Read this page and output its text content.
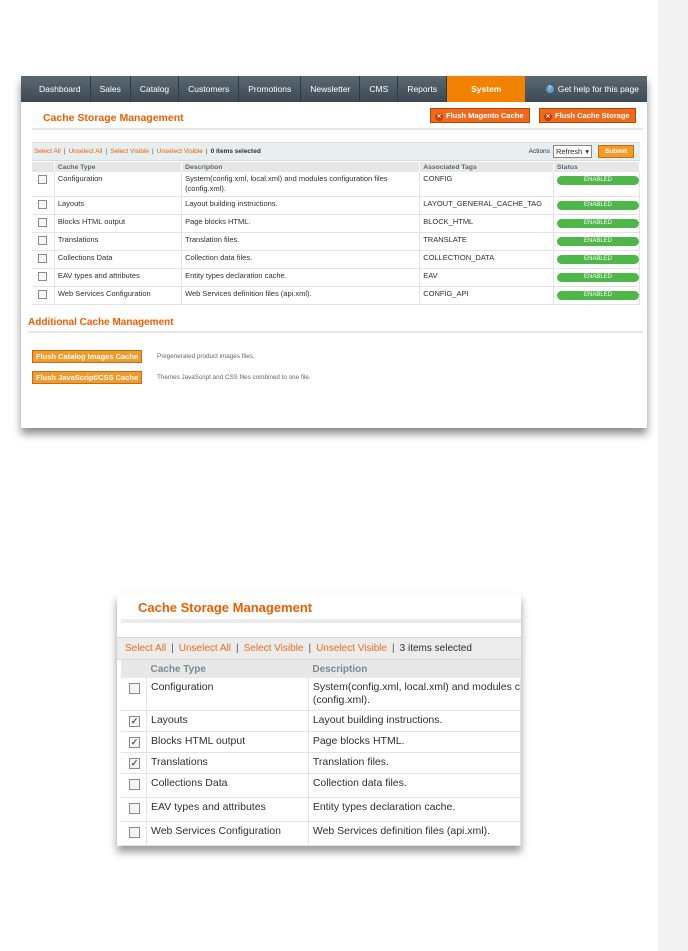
Dashboard	Sales	Catalog	Customers	Promotions	Newsletter	CMS	Reports	System	? Get help for this page
Cache Storage Management	✕ Flush Magento Cache	✕ Flush Cache Storage
Select All | Unselect All | Select Visible | Unselect Visible | 0 items selected	Actions Refresh ▾	Submit
	Cache Type	Description	Associated Tags	Status
	Configuration	System(config.xml, local.xml) and modules configuration files (config.xml).	CONFIG	ENABLED
	Layouts	Layout building instructions.	LAYOUT_GENERAL_CACHE_TAG	ENABLED
	Blocks HTML output	Page blocks HTML.	BLOCK_HTML	ENABLED
	Translations	Translation files.	TRANSLATE	ENABLED
	Collections Data	Collection data files.	COLLECTION_DATA	ENABLED
	EAV types and attributes	Entity types declaration cache.	EAV	ENABLED
	Web Services Configuration	Web Services definition files (api.xml).	CONFIG_API	ENABLED
Additional Cache Management
Flush Catalog Images Cache	Pregenerated product images files.
Flush JavaScript/CSS Cache	Themes JavaScript and CSS files combined to one file.
Cache Storage Management
Select All | Unselect All | Select Visible | Unselect Visible | 3 items selected
	Cache Type	Description
	Configuration	System(config.xml, local.xml) and modules c
(config.xml).

✓	Layouts	Layout building instructions.
✓	Blocks HTML output	Page blocks HTML.
✓	Translations	Translation files.
	Collections Data	Collection data files.
	EAV types and attributes	Entity types declaration cache.
	Web Services Configuration	Web Services definition files (api.xml).
